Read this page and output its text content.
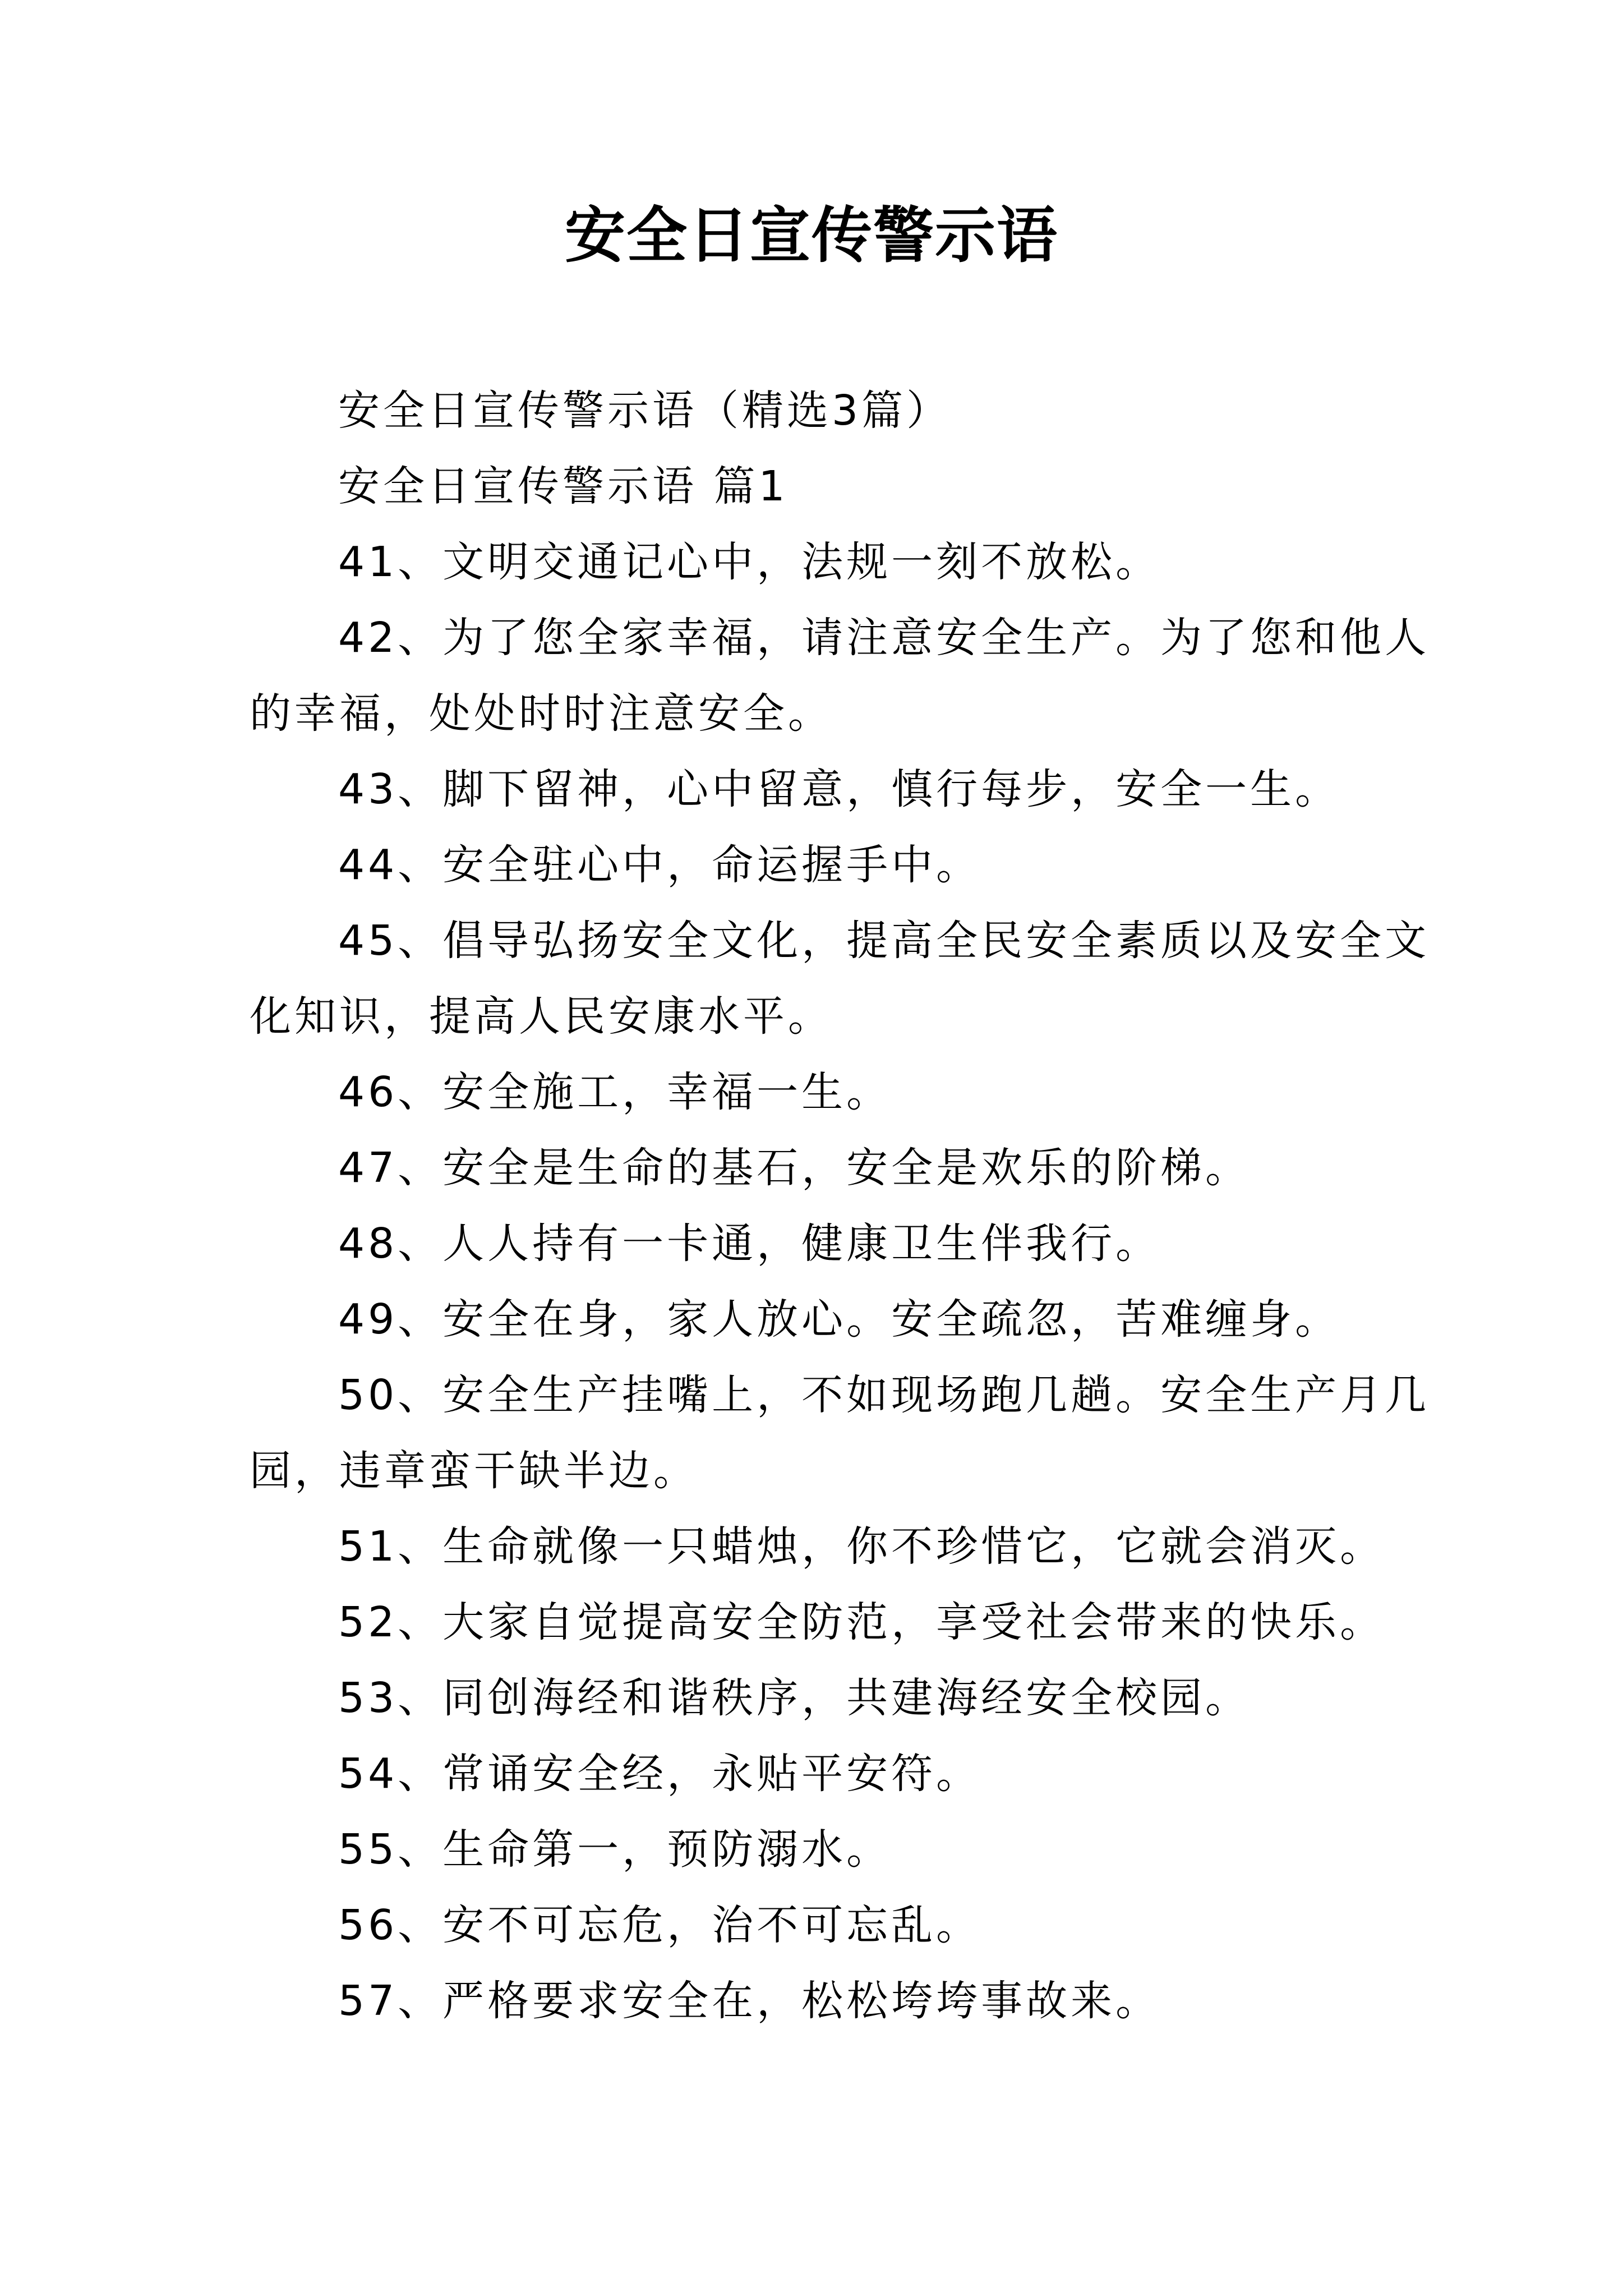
安全日宣传警示语

安全日宣传警示语（精选3篇）

安全日宣传警示语 篇1

41、文明交通记心中，法规一刻不放松。

42、为了您全家幸福，请注意安全生产。为了您和他人

的幸福，处处时时注意安全。

43、脚下留神，心中留意，慎行每步，安全一生。

44、安全驻心中，命运握手中。

45、倡导弘扬安全文化，提高全民安全素质以及安全文

化知识，提高人民安康水平。

46、安全施工，幸福一生。

47、安全是生命的基石，安全是欢乐的阶梯。

48、人人持有一卡通，健康卫生伴我行。

49、安全在身，家人放心。安全疏忽，苦难缠身。

50、安全生产挂嘴上，不如现场跑几趟。安全生产月几

园，违章蛮干缺半边。

51、生命就像一只蜡烛，你不珍惜它，它就会消灭。

52、大家自觉提高安全防范，享受社会带来的快乐。

53、同创海经和谐秩序，共建海经安全校园。

54、常诵安全经，永贴平安符。

55、生命第一，预防溺水。

56、安不可忘危，治不可忘乱。

57、严格要求安全在，松松垮垮事故来。
